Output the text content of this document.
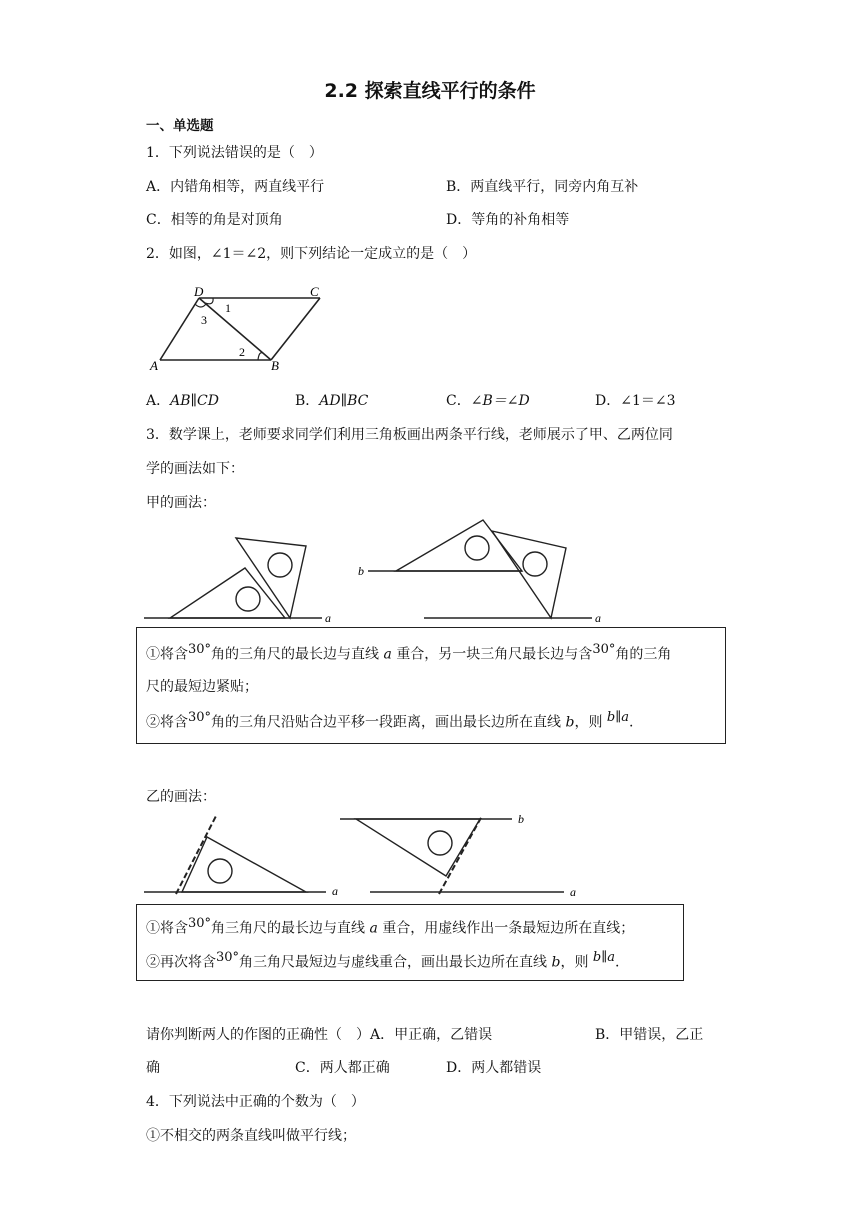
2.2 探索直线平行的条件
一、单选题
1．下列说法错误的是（　）
A．内错角相等，两直线平行	B．两直线平行，同旁内角互补
C．相等的角是对顶角	D．等角的补角相等
2．如图，∠1＝∠2，则下列结论一定成立的是（　）
D	C
A	B
1
3
2
A．AB∥CD	B．AD∥BC	C．∠B＝∠D	D．∠1＝∠3
3．数学课上，老师要求同学们利用三角板画出两条平行线，老师展示了甲、乙两位同
学的画法如下：
甲的画法：
a
b
a
①将含$^{30^\circ}$角的三角尺的最长边与直线 a 重合，另一块三角尺最长边与含$^{30^\circ}$角的三角
尺的最短边紧贴；
②将含$^{30^\circ}$角的三角尺沿贴合边平移一段距离，画出最长边所在直线 b，则 $^{b\parallel a}$.
乙的画法：
a
b
a
①将含$^{30^\circ}$角三角尺的最长边与直线 a 重合，用虚线作出一条最短边所在直线；
②再次将含$^{30^\circ}$角三角尺最短边与虚线重合，画出最长边所在直线 b，则 $^{b\parallel a}$.
请你判断两人的作图的正确性（　）A．甲正确，乙错误	B．甲错误，乙正
确	C．两人都正确	D．两人都错误
4．下列说法中正确的个数为（　）
①不相交的两条直线叫做平行线；
